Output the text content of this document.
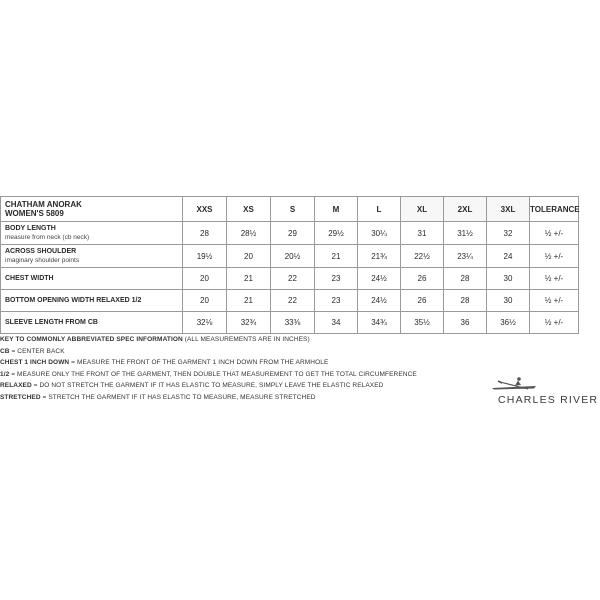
CHATHAM ANORAK
WOMEN'S 5809	XXS	XS	S	M	L	XL	2XL	3XL	TOLERANCE
BODY LENGTH
measure from neck (cb neck)	28	28½	29	29½	30¼	31	31½	32	½ +/-
ACROSS SHOULDER
imaginary shoulder points	19½	20	20½	21	21¾	22½	23¼	24	½ +/-
CHEST WIDTH	20	21	22	23	24½	26	28	30	½ +/-
BOTTOM OPENING WIDTH RELAXED 1/2	20	21	22	23	24½	26	28	30	½ +/-
SLEEVE LENGTH FROM CB	32⅛	32¾	33⅜	34	34¾	35½	36	36½	½ +/-
KEY TO COMMONLY ABBREVIATED SPEC INFORMATION (ALL MEASUREMENTS ARE IN INCHES)
CB = CENTER BACK
CHEST 1 INCH DOWN = MEASURE THE FRONT OF THE GARMENT 1 INCH DOWN FROM THE ARMHOLE
1/2 = MEASURE ONLY THE FRONT OF THE GARMENT, THEN DOUBLE THAT MEASUREMENT TO GET THE TOTAL CIRCUMFERENCE
RELAXED = DO NOT STRETCH THE GARMENT IF IT HAS ELASTIC TO MEASURE, SIMPLY LEAVE THE ELASTIC RELAXED
STRETCHED = STRETCH THE GARMENT IF IT HAS ELASTIC TO MEASURE, MEASURE STRETCHED	CHARLES RIVER
